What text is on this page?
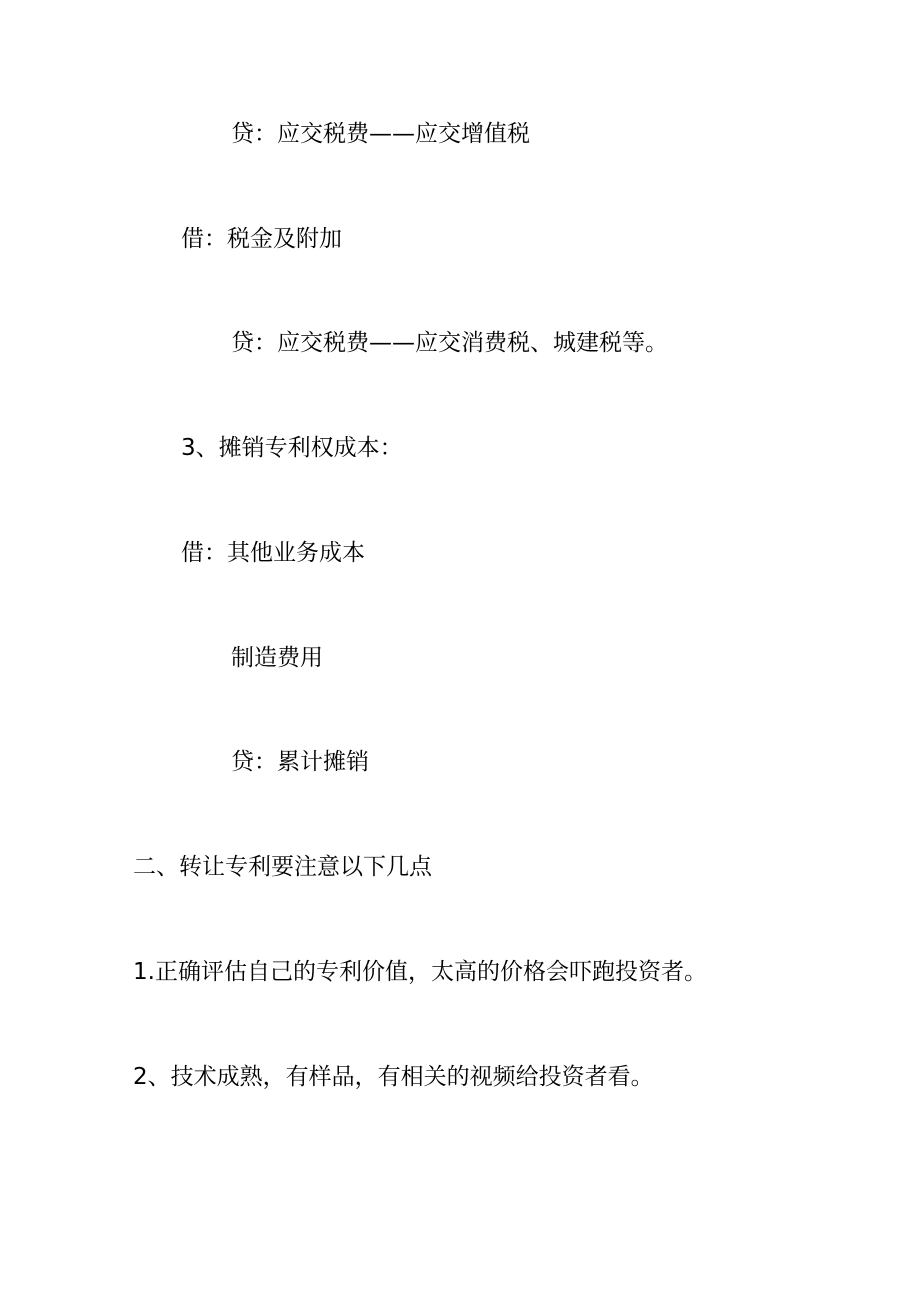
贷：应交税费——应交增值税
借：税金及附加
贷：应交税费——应交消费税、城建税等。
3、摊销专利权成本：
借：其他业务成本
制造费用
贷：累计摊销
二、转让专利要注意以下几点
1.正确评估自己的专利价值，太高的价格会吓跑投资者。
2、技术成熟，有样品，有相关的视频给投资者看。
